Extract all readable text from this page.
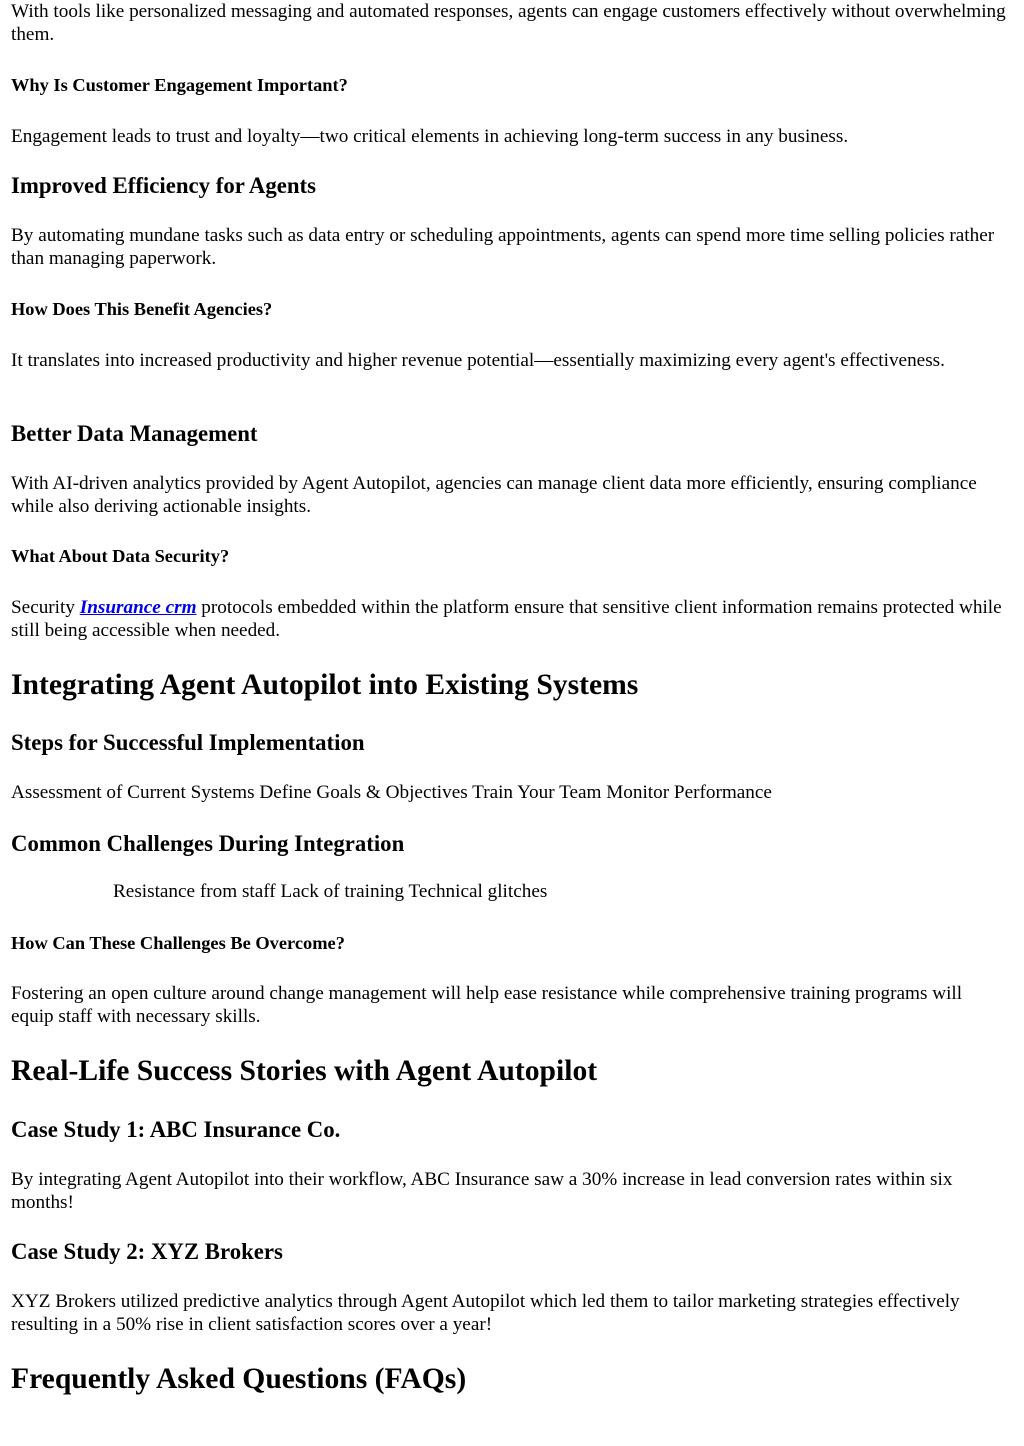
With tools like personalized messaging and automated responses, agents can engage customers effectively without overwhelming them.

Why Is Customer Engagement Important?

Engagement leads to trust and loyalty—two critical elements in achieving long-term success in any business.

Improved Efficiency for Agents

By automating mundane tasks such as data entry or scheduling appointments, agents can spend more time selling policies rather than managing paperwork.

How Does This Benefit Agencies?

It translates into increased productivity and higher revenue potential—essentially maximizing every agent's effectiveness.

Better Data Management

With AI-driven analytics provided by Agent Autopilot, agencies can manage client data more efficiently, ensuring compliance while also deriving actionable insights.

What About Data Security?

Security Insurance crm protocols embedded within the platform ensure that sensitive client information remains protected while still being accessible when needed.

Integrating Agent Autopilot into Existing Systems
Steps for Successful Implementation

Assessment of Current Systems Define Goals & Objectives Train Your Team Monitor Performance

Common Challenges During Integration
Resistance from staff Lack of training Technical glitches
How Can These Challenges Be Overcome?

Fostering an open culture around change management will help ease resistance while comprehensive training programs will equip staff with necessary skills.

Real-Life Success Stories with Agent Autopilot
Case Study 1: ABC Insurance Co.

By integrating Agent Autopilot into their workflow, ABC Insurance saw a 30% increase in lead conversion rates within six months!

Case Study 2: XYZ Brokers

XYZ Brokers utilized predictive analytics through Agent Autopilot which led them to tailor marketing strategies effectively resulting in a 50% rise in client satisfaction scores over a year!

Frequently Asked Questions (FAQs)
